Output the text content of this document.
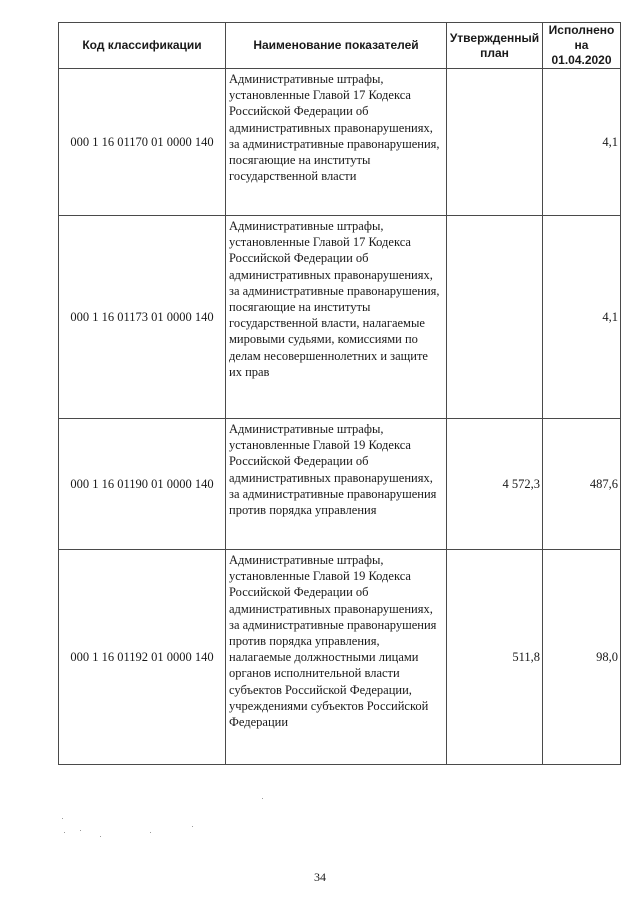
Код классификации	Наименование показателей	Утвержденный план	Исполнено на 01.04.2020
000 1 16 01170 01 0000 140	Административные штрафы, установленные Главой 17 Кодекса Российской Федерации об административных правонарушениях, за административные правонарушения, посягающие на институты государственной власти		4,1
000 1 16 01173 01 0000 140	Административные штрафы, установленные Главой 17 Кодекса Российской Федерации об административных правонарушениях, за административные правонарушения, посягающие на институты государственной власти, налагаемые мировыми судьями, комиссиями по делам несовершеннолетних и защите их прав		4,1
000 1 16 01190 01 0000 140	Административные штрафы, установленные Главой 19 Кодекса Российской Федерации об административных правонарушениях, за административные правонарушения против порядка управления	4 572,3	487,6
000 1 16 01192 01 0000 140	Административные штрафы, установленные Главой 19 Кодекса Российской Федерации об административных правонарушениях, за административные правонарушения против порядка управления, налагаемые должностными лицами органов исполнительной власти субъектов Российской Федерации, учреждениями субъектов Российской Федерации	511,8	98,0
34
